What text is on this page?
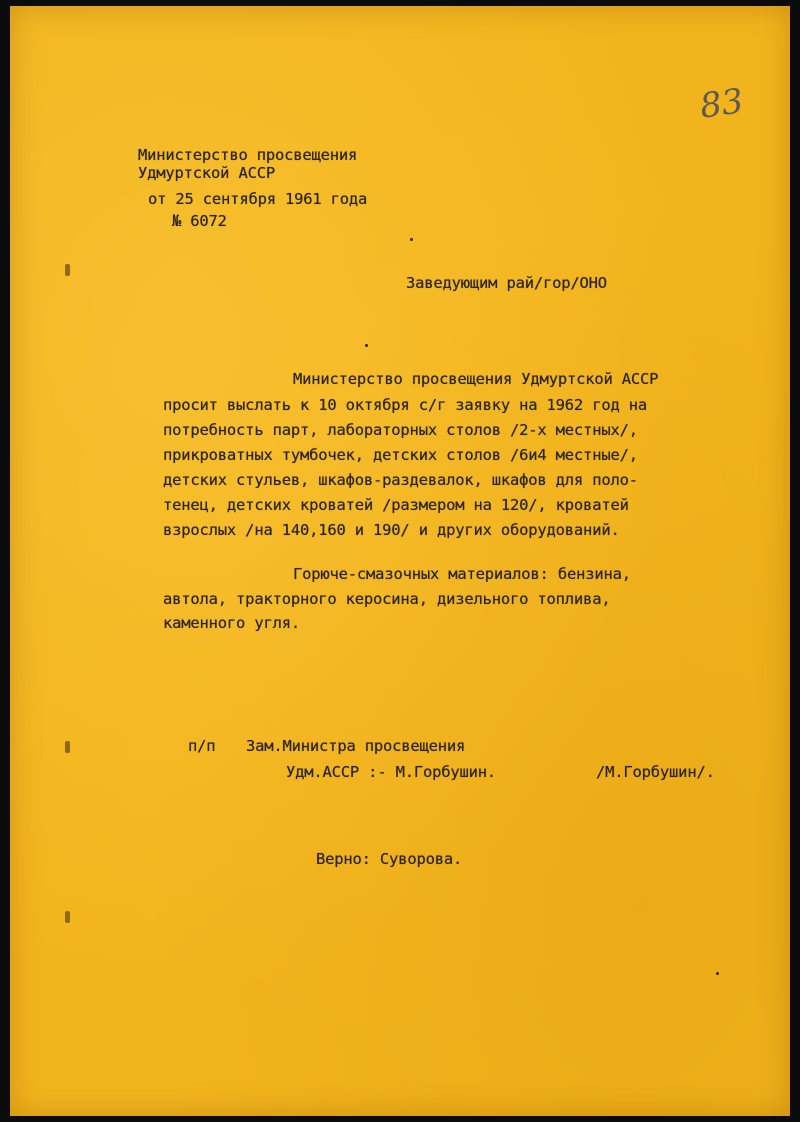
83
Министерство просвещения
Удмуртской АССР
от 25 сентября 1961 года
№ 6072
Заведующим рай/гор/ОНО
Министерство просвещения Удмуртской АССР
просит выслать к 10 октября с/г заявку на 1962 год на
потребность парт, лабораторных столов /2-х местных/,
прикроватных тумбочек, детских столов /6и4 местные/,
детских стульев, шкафов-раздевалок, шкафов для поло-
тенец, детских кроватей /размером на 120/, кроватей
взрослых /на 140,160 и 190/ и других оборудований.
Горюче-смазочных материалов: бензина,
автола, тракторного керосина, дизельного топлива,
каменного угля.
п/п Зам.Министра просвещения
Удм.АССР :- М.Горбушин.	/М.Горбушин/.
Верно: Суворова.
